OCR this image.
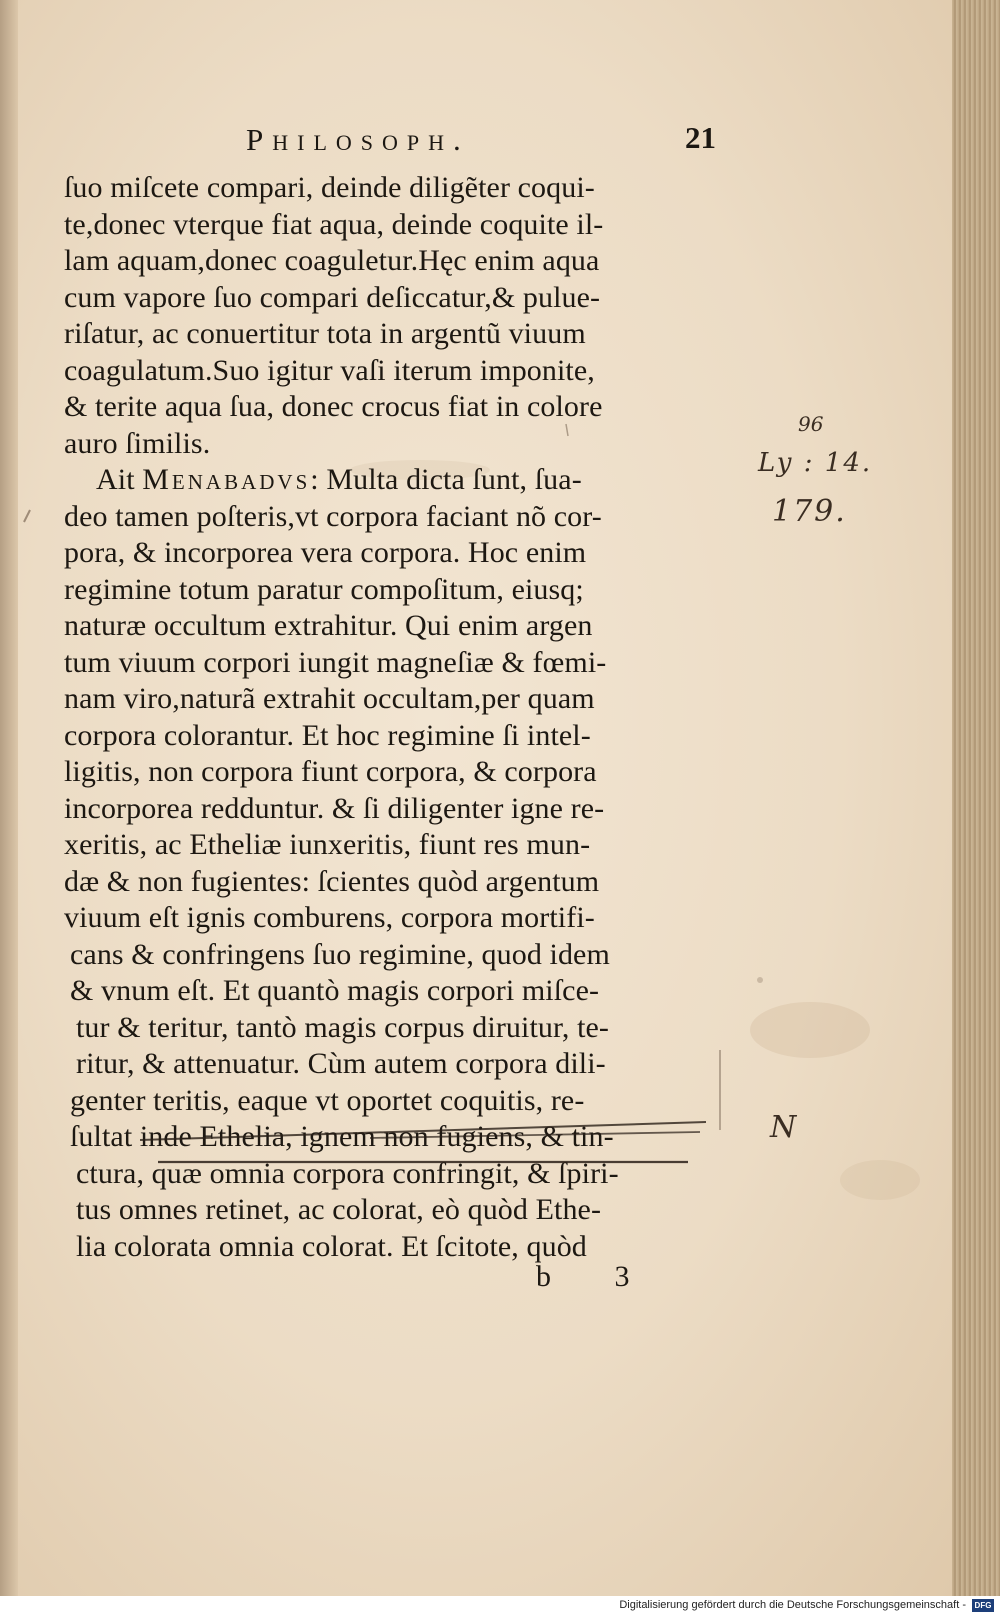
Philosoph.	21
ſuo miſcete compari, deinde diligẽter coqui-
te,donec vterque fiat aqua, deinde coquite il-
lam aquam,donec coaguletur.Hęc enim aqua
cum vapore ſuo compari deſiccatur,& pulue-
riſatur, ac conuertitur tota in argentũ viuum
coagulatum.Suo igitur vaſi iterum imponite,
& terite aqua ſua, donec crocus fiat in colore
auro ſimilis.
Ait Menabadvs: Multa dicta ſunt, ſua-
deo tamen poſteris,vt corpora faciant nõ cor-
pora, & incorporea vera corpora. Hoc enim
regimine totum paratur compoſitum, eiusq;
naturæ occultum extrahitur. Qui enim argen
tum viuum corpori iungit magneſiæ & fœmi-
nam viro,naturã extrahit occultam,per quam
corpora colorantur. Et hoc regimine ſi intel-
ligitis, non corpora fiunt corpora, & corpora
incorporea redduntur. & ſi diligenter igne re-
xeritis, ac Etheliæ iunxeritis, fiunt res mun-
dæ & non fugientes: ſcientes quòd argentum
viuum eſt ignis comburens, corpora mortifi-
cans & confringens ſuo regimine, quod idem
& vnum eſt. Et quantò magis corpori miſce-
tur & teritur, tantò magis corpus diruitur, te-
ritur, & attenuatur. Cùm autem corpora dili-
genter teritis, eaque vt oportet coquitis, re-
ſultat inde Ethelia, ignem non fugiens, & tin-
ctura, quæ omnia corpora confringit, & ſpiri-
tus omnes retinet, ac colorat, eò quòd Ethe-
lia colorata omnia colorat. Et ſcitote, quòd
b 3
96
Ly : 14.
179.
N
Digitalisierung gefördert durch die Deutsche Forschungsgemeinschaft -	DFG
